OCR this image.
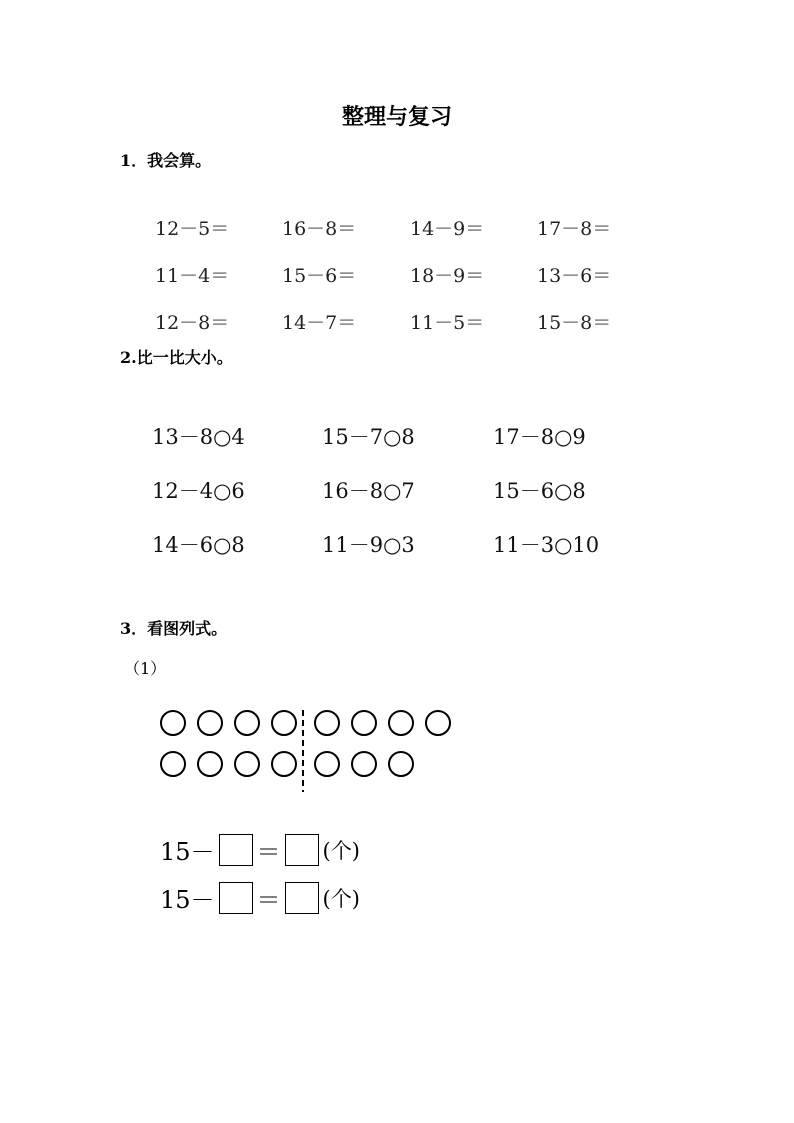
整理与复习
1．我会算。
12－5＝	16－8＝	14－9＝	17－8＝
11－4＝	15－6＝	18－9＝	13－6＝
12－8＝	14－7＝	11－5＝	15－8＝
2.比一比大小。
13－8○4	15－7○8	17－8○9
12－4○6	16－8○7	15－6○8
14－6○8	11－9○3	11－3○10
3．看图列式。
（1）
15－ ＝ (个)
15－ ＝ (个)
